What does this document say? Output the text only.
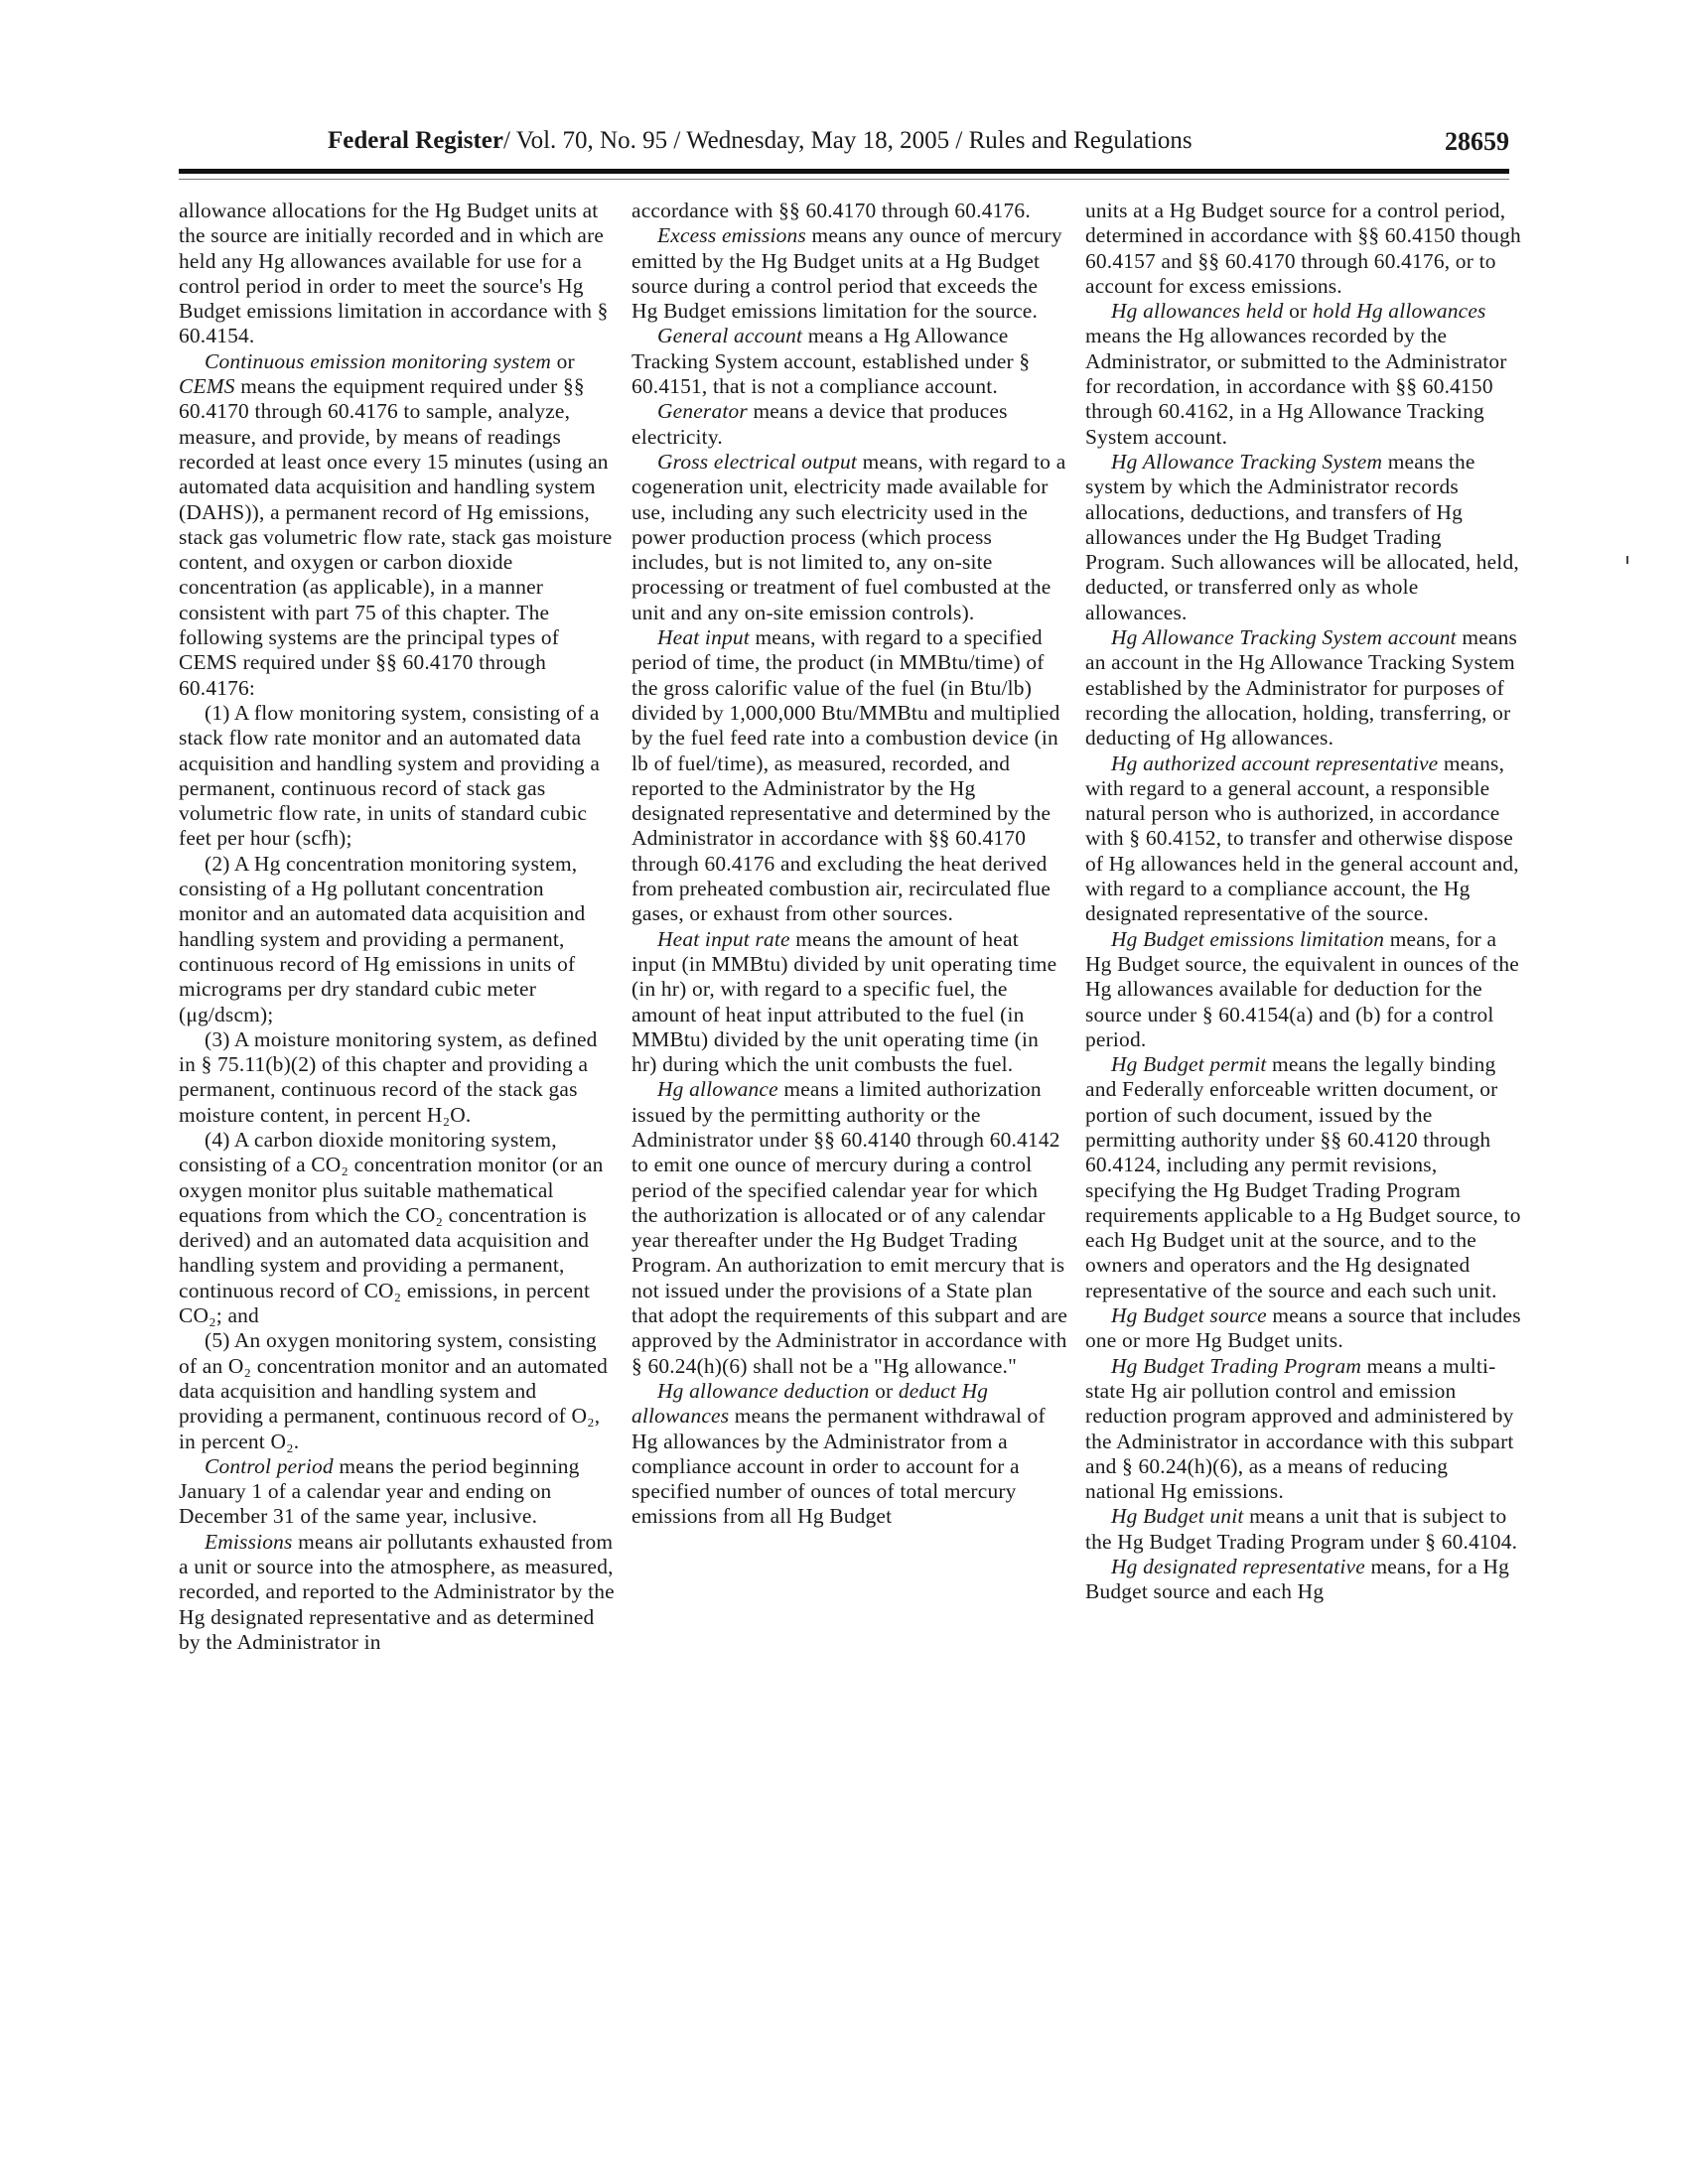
Federal Register/ Vol. 70, No. 95 / Wednesday, May 18, 2005 / Rules and Regulations	28659

allowance allocations for the Hg Budget units at the source are initially recorded and in which are held any Hg allowances available for use for a control period in order to meet the source's Hg Budget emissions limitation in accordance with § 60.4154.

Continuous emission monitoring system or CEMS means the equipment required under §§ 60.4170 through 60.4176 to sample, analyze, measure, and provide, by means of readings recorded at least once every 15 minutes (using an automated data acquisition and handling system (DAHS)), a permanent record of Hg emissions, stack gas volumetric flow rate, stack gas moisture content, and oxygen or carbon dioxide concentration (as applicable), in a manner consistent with part 75 of this chapter. The following systems are the principal types of CEMS required under §§ 60.4170 through 60.4176:

(1) A flow monitoring system, consisting of a stack flow rate monitor and an automated data acquisition and handling system and providing a permanent, continuous record of stack gas volumetric flow rate, in units of standard cubic feet per hour (scfh);

(2) A Hg concentration monitoring system, consisting of a Hg pollutant concentration monitor and an automated data acquisition and handling system and providing a permanent, continuous record of Hg emissions in units of micrograms per dry standard cubic meter (μg/dscm);

(3) A moisture monitoring system, as defined in § 75.11(b)(2) of this chapter and providing a permanent, continuous record of the stack gas moisture content, in percent H₂O.

(4) A carbon dioxide monitoring system, consisting of a CO₂ concentration monitor (or an oxygen monitor plus suitable mathematical equations from which the CO₂ concentration is derived) and an automated data acquisition and handling system and providing a permanent, continuous record of CO₂ emissions, in percent CO₂; and

(5) An oxygen monitoring system, consisting of an O₂ concentration monitor and an automated data acquisition and handling system and providing a permanent, continuous record of O₂, in percent O₂.

Control period means the period beginning January 1 of a calendar year and ending on December 31 of the same year, inclusive.

Emissions means air pollutants exhausted from a unit or source into the atmosphere, as measured, recorded, and reported to the Administrator by the Hg designated representative and as determined by the Administrator in

accordance with §§ 60.4170 through 60.4176.

Excess emissions means any ounce of mercury emitted by the Hg Budget units at a Hg Budget source during a control period that exceeds the Hg Budget emissions limitation for the source.

General account means a Hg Allowance Tracking System account, established under § 60.4151, that is not a compliance account.

Generator means a device that produces electricity.

Gross electrical output means, with regard to a cogeneration unit, electricity made available for use, including any such electricity used in the power production process (which process includes, but is not limited to, any on-site processing or treatment of fuel combusted at the unit and any on-site emission controls).

Heat input means, with regard to a specified period of time, the product (in MMBtu/time) of the gross calorific value of the fuel (in Btu/lb) divided by 1,000,000 Btu/MMBtu and multiplied by the fuel feed rate into a combustion device (in lb of fuel/time), as measured, recorded, and reported to the Administrator by the Hg designated representative and determined by the Administrator in accordance with §§ 60.4170 through 60.4176 and excluding the heat derived from preheated combustion air, recirculated flue gases, or exhaust from other sources.

Heat input rate means the amount of heat input (in MMBtu) divided by unit operating time (in hr) or, with regard to a specific fuel, the amount of heat input attributed to the fuel (in MMBtu) divided by the unit operating time (in hr) during which the unit combusts the fuel.

Hg allowance means a limited authorization issued by the permitting authority or the Administrator under §§ 60.4140 through 60.4142 to emit one ounce of mercury during a control period of the specified calendar year for which the authorization is allocated or of any calendar year thereafter under the Hg Budget Trading Program. An authorization to emit mercury that is not issued under the provisions of a State plan that adopt the requirements of this subpart and are approved by the Administrator in accordance with § 60.24(h)(6) shall not be a "Hg allowance."

Hg allowance deduction or deduct Hg allowances means the permanent withdrawal of Hg allowances by the Administrator from a compliance account in order to account for a specified number of ounces of total mercury emissions from all Hg Budget

units at a Hg Budget source for a control period, determined in accordance with §§ 60.4150 though 60.4157 and §§ 60.4170 through 60.4176, or to account for excess emissions.

Hg allowances held or hold Hg allowances means the Hg allowances recorded by the Administrator, or submitted to the Administrator for recordation, in accordance with §§ 60.4150 through 60.4162, in a Hg Allowance Tracking System account.

Hg Allowance Tracking System means the system by which the Administrator records allocations, deductions, and transfers of Hg allowances under the Hg Budget Trading Program. Such allowances will be allocated, held, deducted, or transferred only as whole allowances.

Hg Allowance Tracking System account means an account in the Hg Allowance Tracking System established by the Administrator for purposes of recording the allocation, holding, transferring, or deducting of Hg allowances.

Hg authorized account representative means, with regard to a general account, a responsible natural person who is authorized, in accordance with § 60.4152, to transfer and otherwise dispose of Hg allowances held in the general account and, with regard to a compliance account, the Hg designated representative of the source.

Hg Budget emissions limitation means, for a Hg Budget source, the equivalent in ounces of the Hg allowances available for deduction for the source under § 60.4154(a) and (b) for a control period.

Hg Budget permit means the legally binding and Federally enforceable written document, or portion of such document, issued by the permitting authority under §§ 60.4120 through 60.4124, including any permit revisions, specifying the Hg Budget Trading Program requirements applicable to a Hg Budget source, to each Hg Budget unit at the source, and to the owners and operators and the Hg designated representative of the source and each such unit.

Hg Budget source means a source that includes one or more Hg Budget units.

Hg Budget Trading Program means a multi-state Hg air pollution control and emission reduction program approved and administered by the Administrator in accordance with this subpart and § 60.24(h)(6), as a means of reducing national Hg emissions.

Hg Budget unit means a unit that is subject to the Hg Budget Trading Program under § 60.4104.

Hg designated representative means, for a Hg Budget source and each Hg
